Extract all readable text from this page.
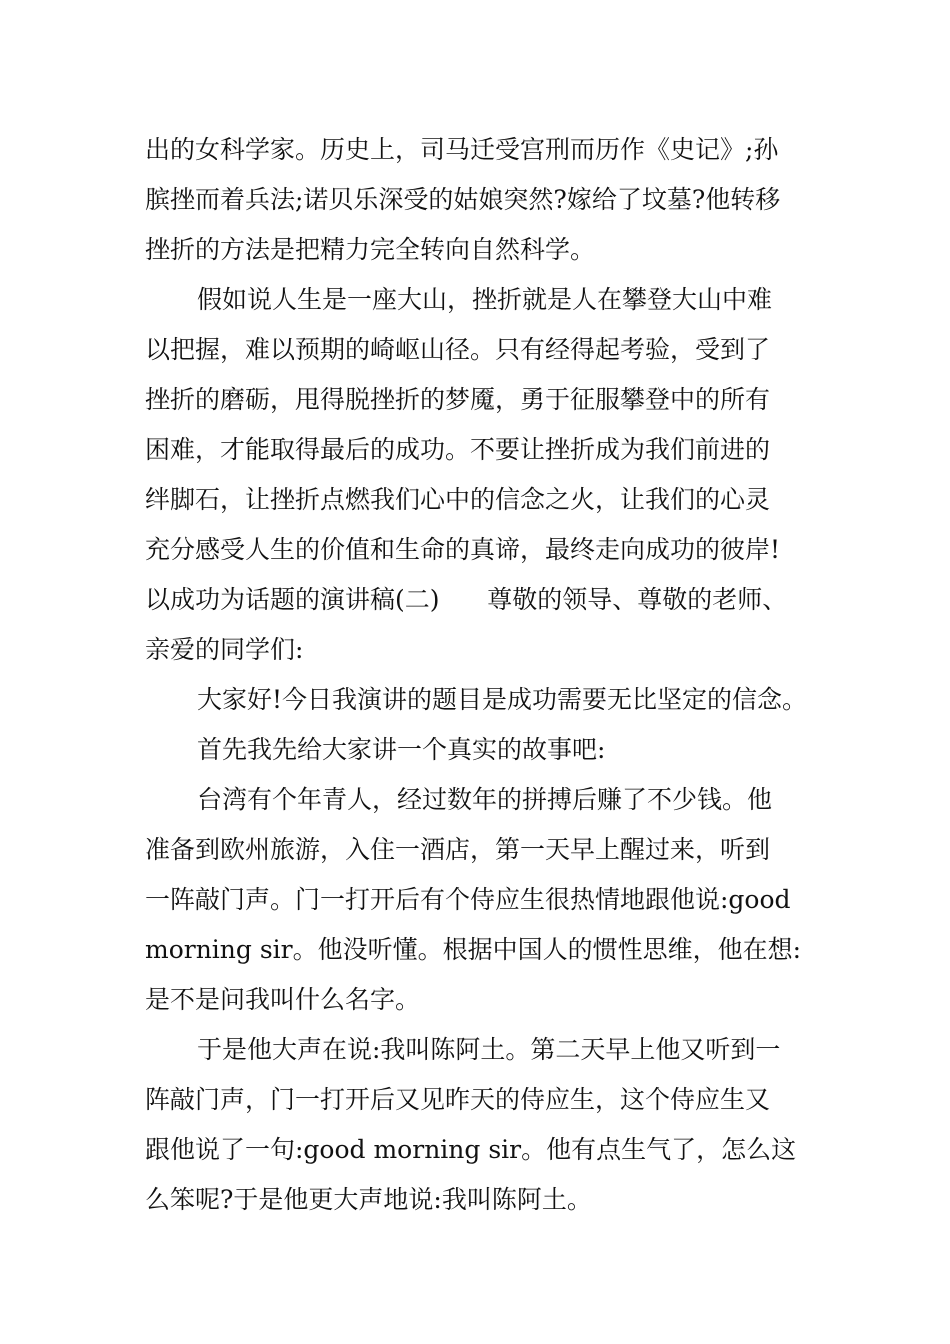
出的女科学家。历史上，司马迁受宫刑而历作《史记》;孙

膑挫而着兵法;诺贝乐深受的姑娘突然?嫁给了坟墓?他转移

挫折的方法是把精力完全转向自然科学。

假如说人生是一座大山，挫折就是人在攀登大山中难

以把握，难以预期的崎岖山径。只有经得起考验，受到了

挫折的磨砺，甩得脱挫折的梦魇，勇于征服攀登中的所有

困难，才能取得最后的成功。不要让挫折成为我们前进的

绊脚石，让挫折点燃我们心中的信念之火，让我们的心灵

充分感受人生的价值和生命的真谛，最终走向成功的彼岸!

以成功为话题的演讲稿(二)      尊敬的领导、尊敬的老师、

亲爱的同学们:

大家好!今日我演讲的题目是成功需要无比坚定的信念。

首先我先给大家讲一个真实的故事吧:

台湾有个年青人，经过数年的拼搏后赚了不少钱。他

准备到欧州旅游，入住一酒店，第一天早上醒过来，听到

一阵敲门声。门一打开后有个侍应生很热情地跟他说:good

morning sir。他没听懂。根据中国人的惯性思维，他在想:

是不是问我叫什么名字。

于是他大声在说:我叫陈阿土。第二天早上他又听到一

阵敲门声，门一打开后又见昨天的侍应生，这个侍应生又

跟他说了一句:good morning sir。他有点生气了，怎么这

么笨呢?于是他更大声地说:我叫陈阿土。
